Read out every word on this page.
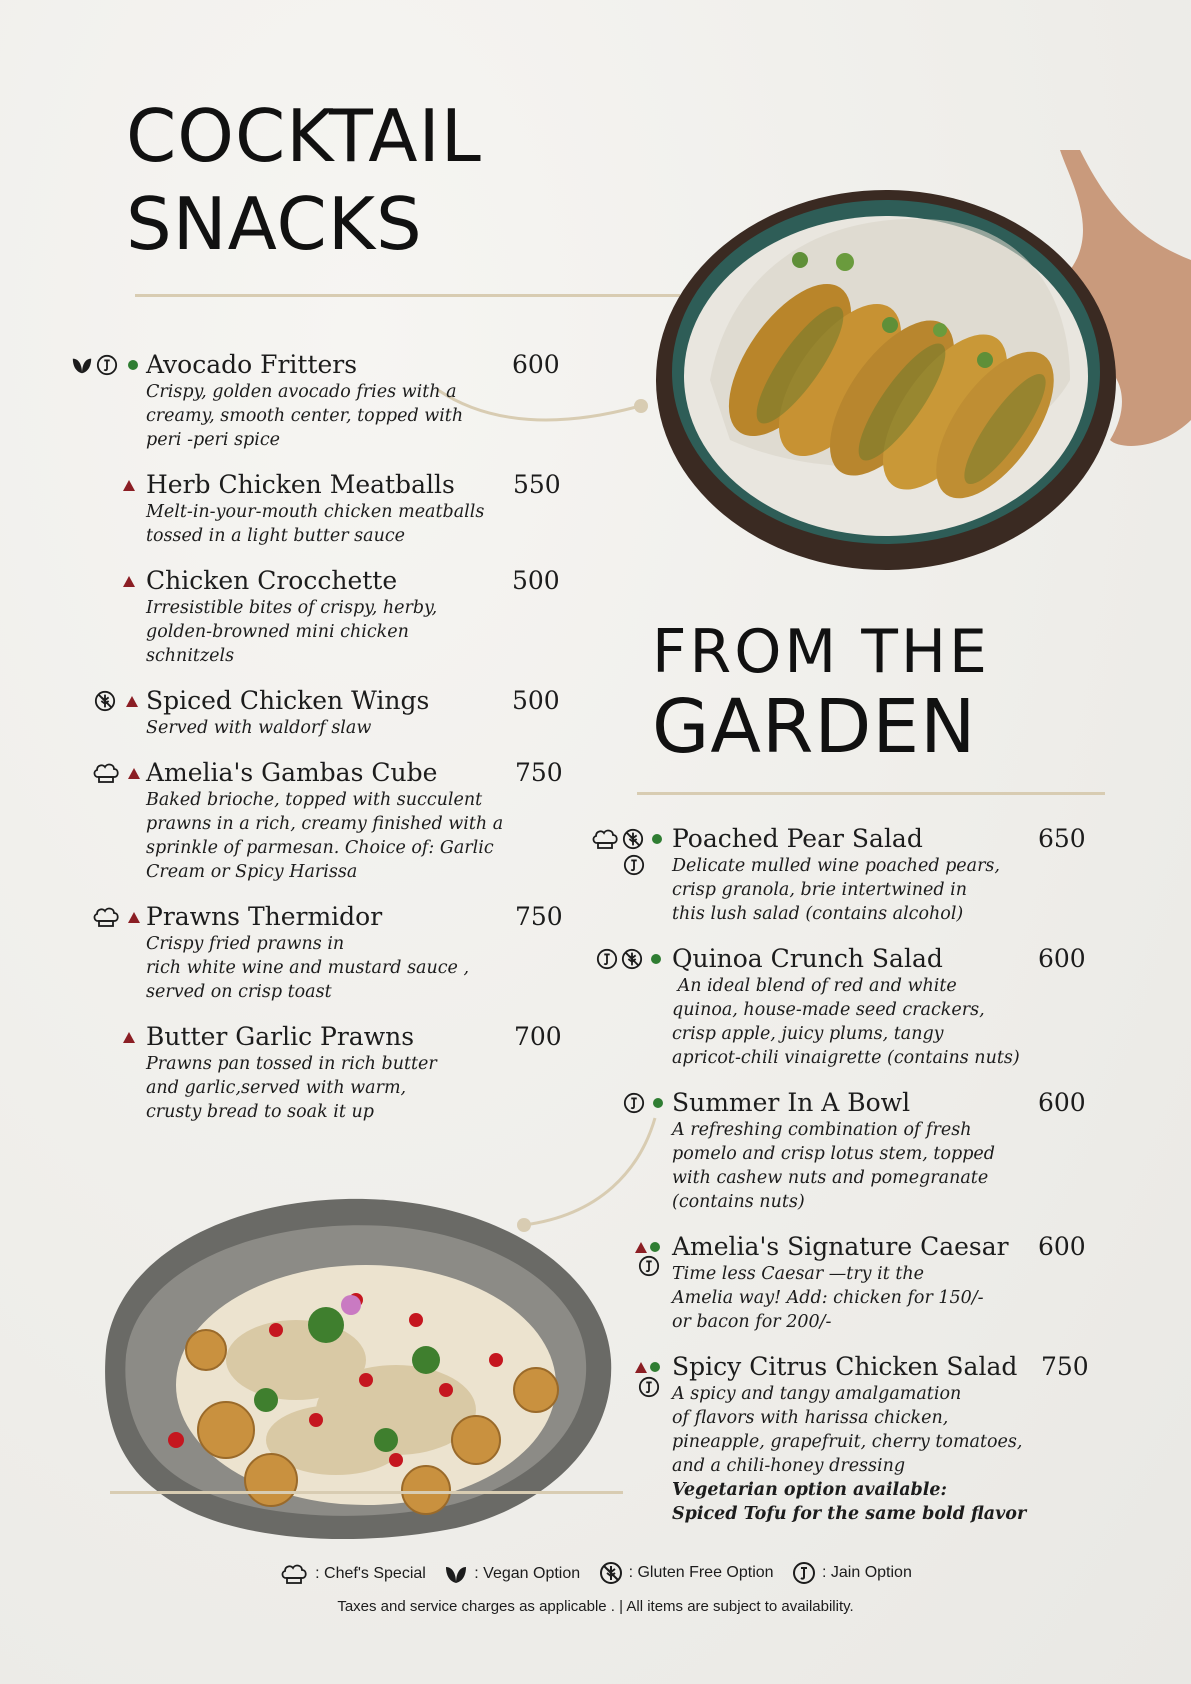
COCKTAIL
SNACKS
FROM THE
GARDEN
Avocado Fritters	600
Crispy, golden avocado fries with a
creamy, smooth center, topped with
peri -peri spice
Herb Chicken Meatballs 550
Melt-in-your-mouth chicken meatballs
tossed in a light butter sauce
Chicken Crocchette	500
Irresistible bites of crispy, herby,
golden-browned mini chicken
schnitzels
Spiced Chicken Wings	500
Served with waldorf slaw
Amelia's Gambas Cube	750
Baked brioche, topped with succulent
prawns in a rich, creamy finished with a
sprinkle of parmesan. Choice of: Garlic
Cream or Spicy Harissa
Prawns Thermidor	750
Crispy fried prawns in
rich white wine and mustard sauce ,
served on crisp toast
Butter Garlic Prawns	700
Prawns pan tossed in rich butter
and garlic,served with warm,
crusty bread to soak it up
Poached Pear Salad	650
Delicate mulled wine poached pears,
crisp granola, brie intertwined in
this lush salad (contains alcohol)
Quinoa Crunch Salad	600
An ideal blend of red and white
quinoa, house-made seed crackers,
crisp apple, juicy plums, tangy
apricot-chili vinaigrette (contains nuts)
Summer In A Bowl	600
A refreshing combination of fresh
pomelo and crisp lotus stem, topped
with cashew nuts and pomegranate
(contains nuts)
Amelia's Signature Caesar 600
Time less Caesar —try it the
Amelia way! Add: chicken for 150/-
or bacon for 200/-
Spicy Citrus Chicken Salad 750
A spicy and tangy amalgamation
of flavors with harissa chicken,
pineapple, grapefruit, cherry tomatoes,
and a chili-honey dressing
Vegetarian option available:
Spiced Tofu for the same bold flavor
: Chef's Special
	: Vegan Option
	: Gluten Free Option
	: Jain Option
Taxes and service charges as applicable . | All items are subject to availability.
